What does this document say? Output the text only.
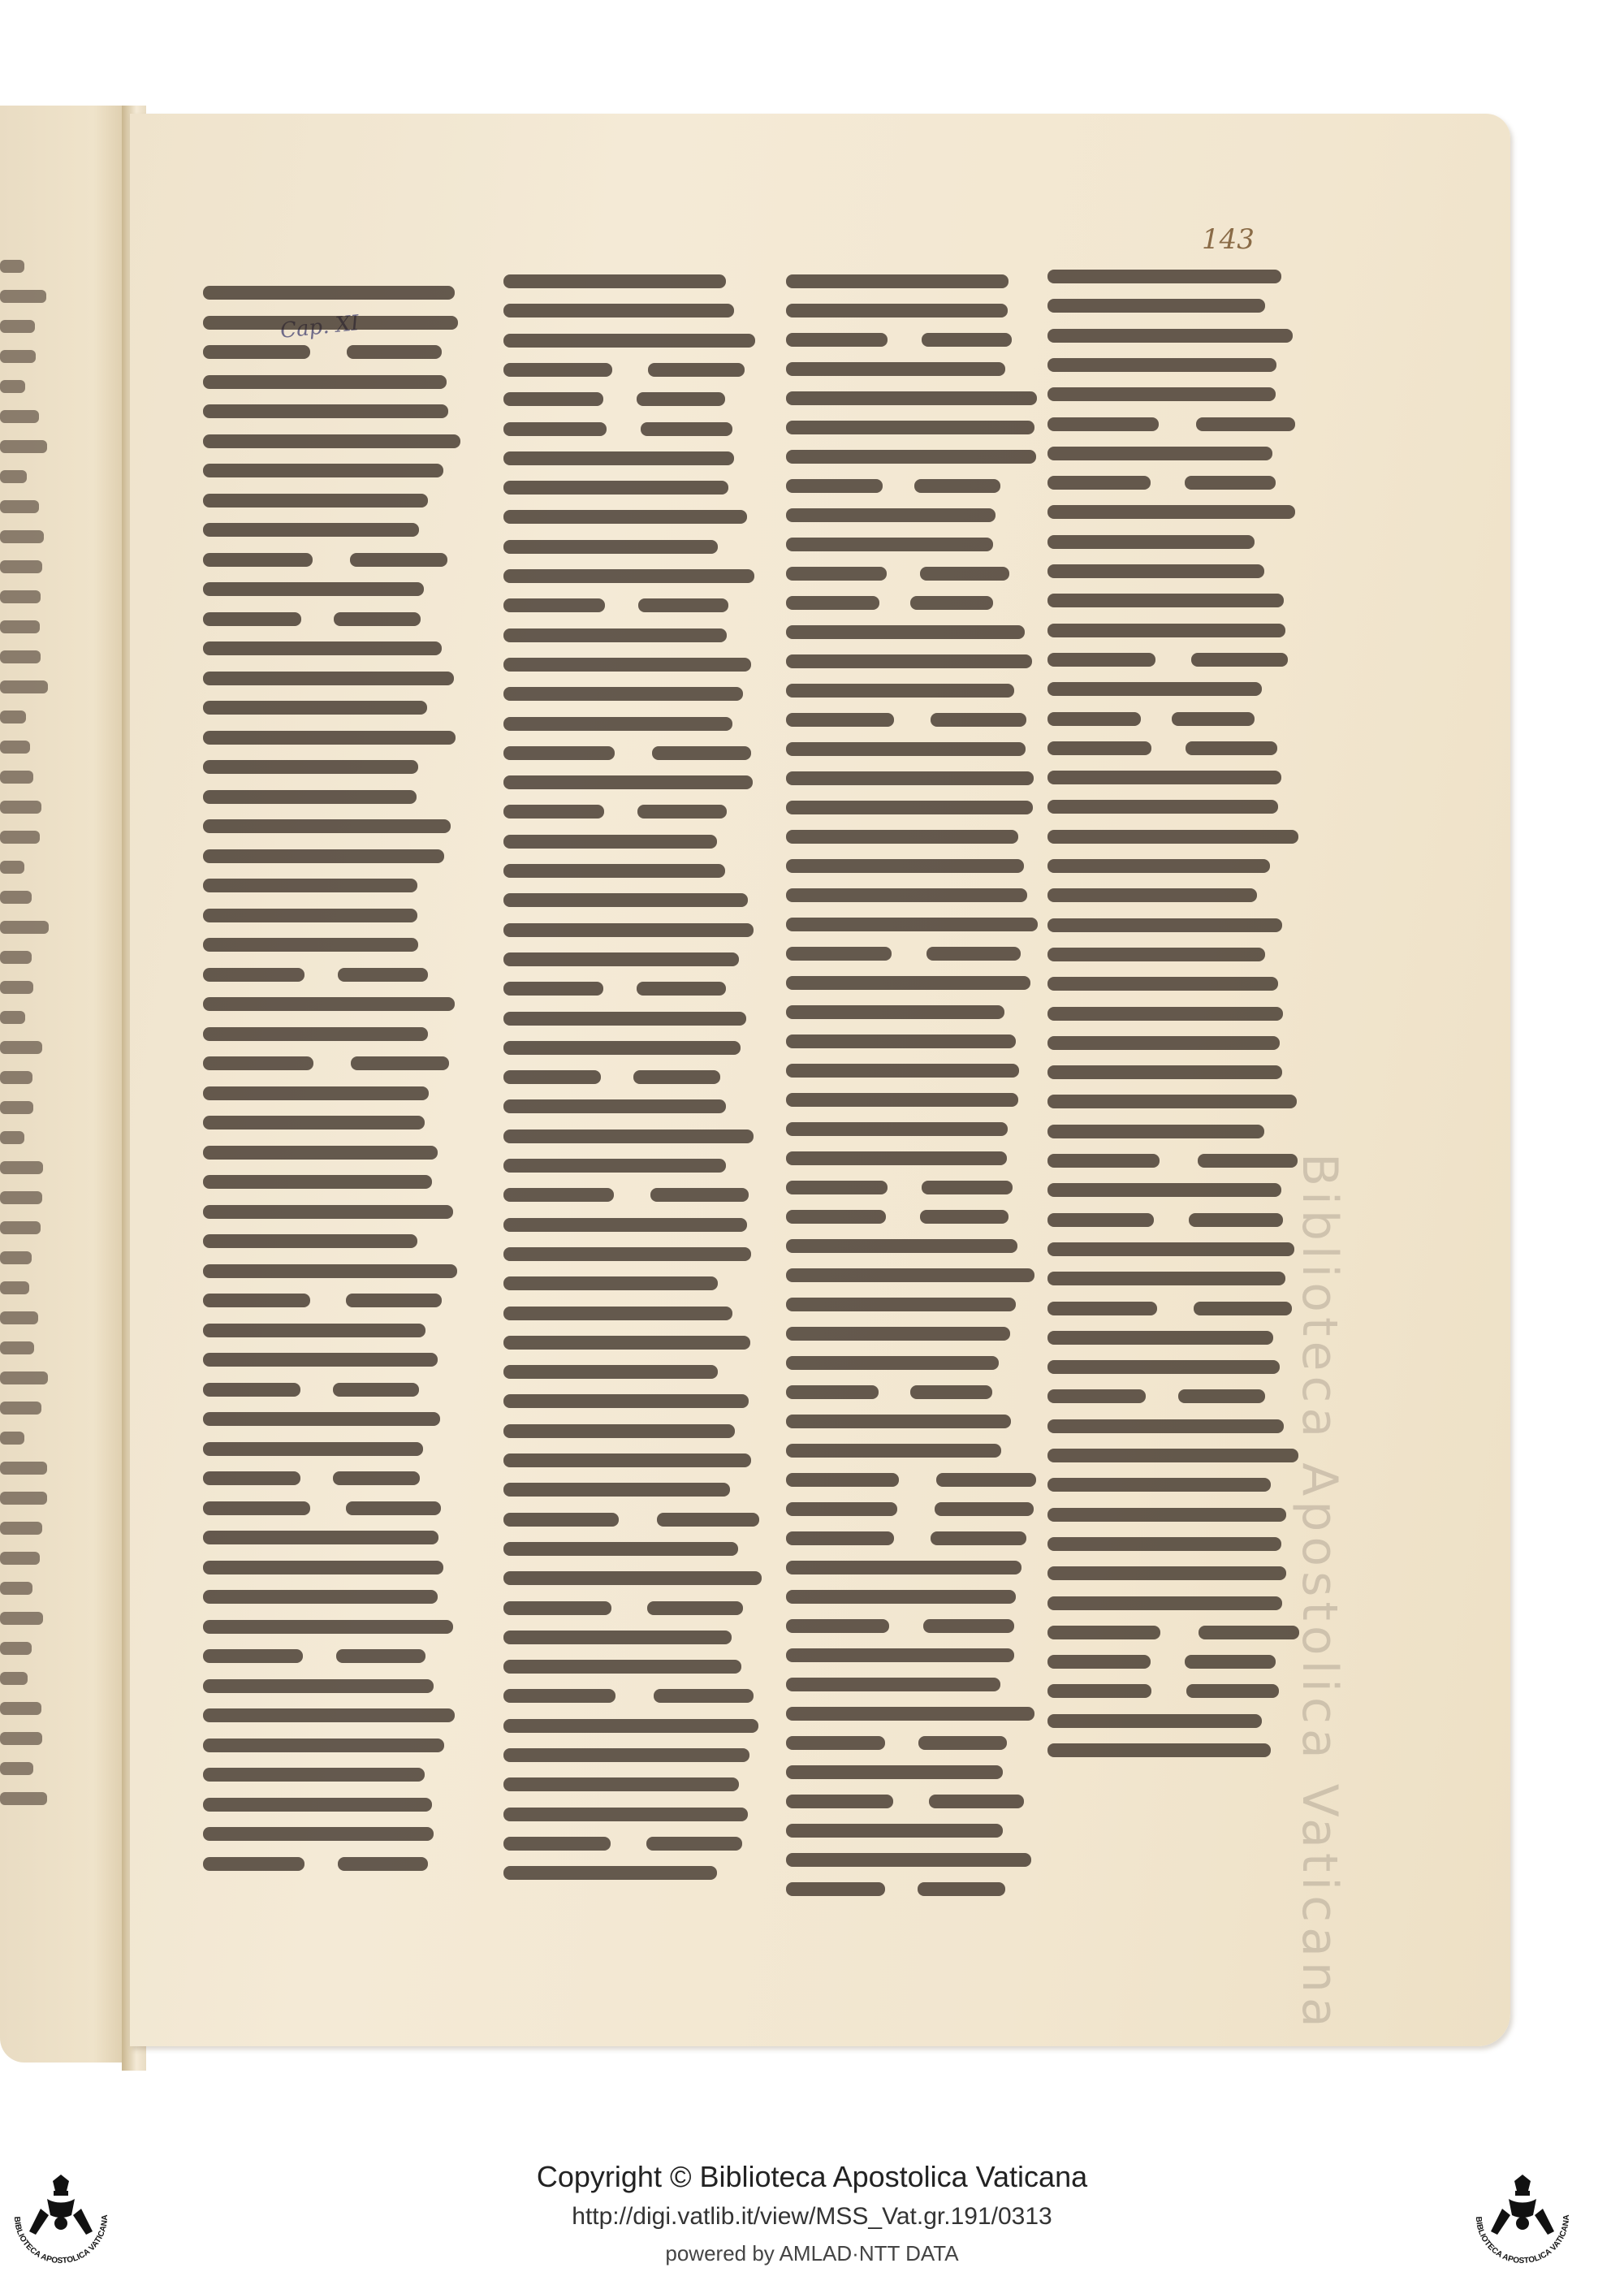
143
Biblioteca Apostolica Vaticana
BIBLIOTECA APOSTOLICA VATICANA	BIBLIOTECA APOSTOLICA VATICANA
Copyright © Biblioteca Apostolica Vaticana
http://digi.vatlib.it/view/MSS_Vat.gr.191/0313
powered by AMLAD·NTT DATA
